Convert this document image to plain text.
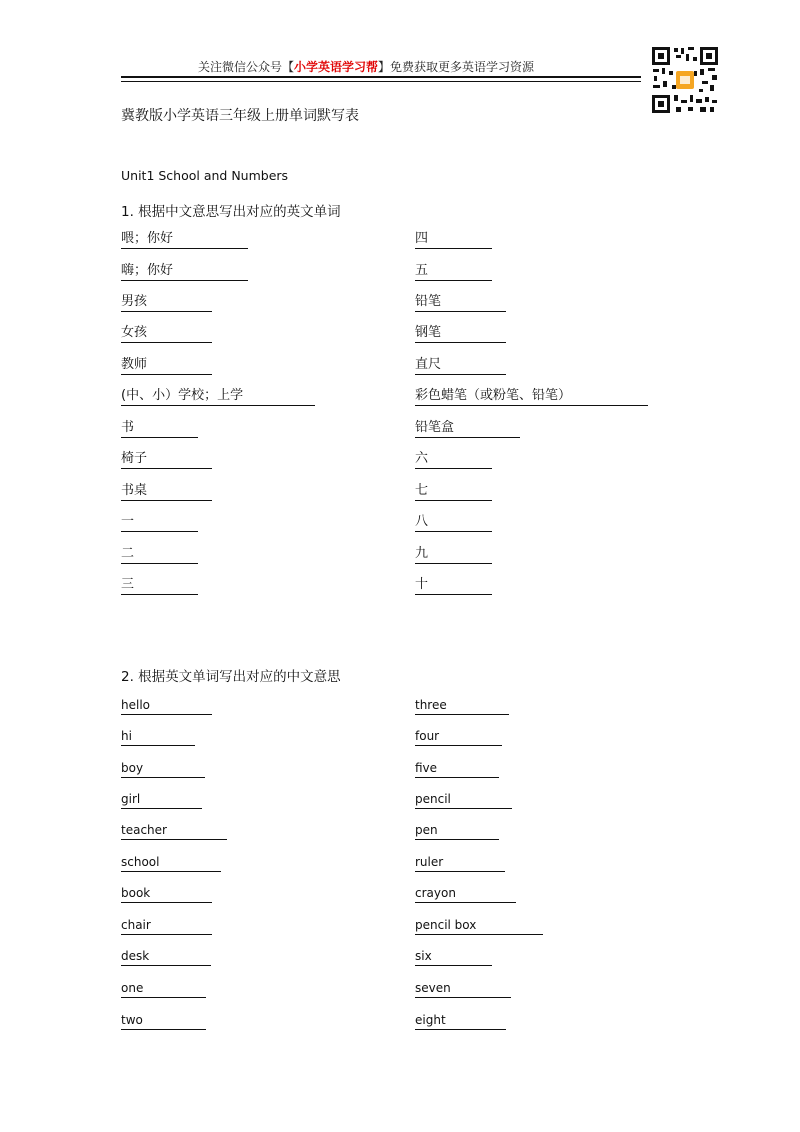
关注微信公众号【小学英语学习帮】免费获取更多英语学习资源
冀教版小学英语三年级上册单词默写表
Unit1 School and Numbers
1. 根据中文意思写出对应的英文单词
喂；你好
嗨；你好
男孩
女孩
教师
(中、小）学校；上学
书
椅子
书桌
一
二
三
四
五
铅笔
钢笔
直尺
彩色蜡笔（或粉笔、铅笔）
铅笔盒
六
七
八
九
十
2. 根据英文单词写出对应的中文意思
hello
hi
boy
girl
teacher
school
book
chair
desk
one
two
three
four
five
pencil
pen
ruler
crayon
pencil box
six
seven
eight
